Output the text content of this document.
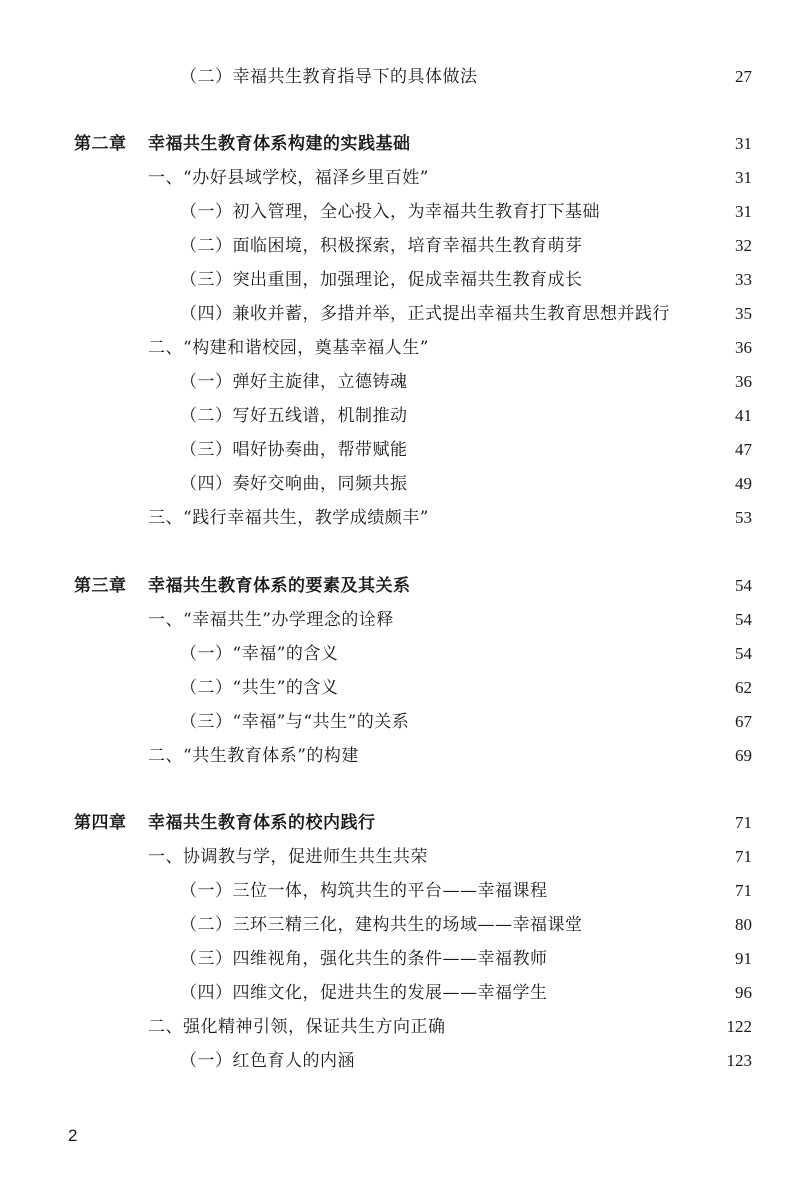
（二）幸福共生教育指导下的具体做法	27
第二章 幸福共生教育体系构建的实践基础	31
一、“办好县域学校，福泽乡里百姓”	31
（一）初入管理，全心投入，为幸福共生教育打下基础	31
（二）面临困境，积极探索，培育幸福共生教育萌芽	32
（三）突出重围，加强理论，促成幸福共生教育成长	33
（四）兼收并蓄，多措并举，正式提出幸福共生教育思想并践行	35
二、“构建和谐校园，奠基幸福人生”	36
（一）弹好主旋律，立德铸魂	36
（二）写好五线谱，机制推动	41
（三）唱好协奏曲，帮带赋能	47
（四）奏好交响曲，同频共振	49
三、“践行幸福共生，教学成绩颇丰”	53
第三章 幸福共生教育体系的要素及其关系	54
一、“幸福共生”办学理念的诠释	54
（一）“幸福”的含义	54
（二）“共生”的含义	62
（三）“幸福”与“共生”的关系	67
二、“共生教育体系”的构建	69
第四章 幸福共生教育体系的校内践行	71
一、协调教与学，促进师生共生共荣	71
（一）三位一体，构筑共生的平台——幸福课程	71
（二）三环三精三化，建构共生的场域——幸福课堂	80
（三）四维视角，强化共生的条件——幸福教师	91
（四）四维文化，促进共生的发展——幸福学生	96
二、强化精神引领，保证共生方向正确	122
（一）红色育人的内涵	123
2
